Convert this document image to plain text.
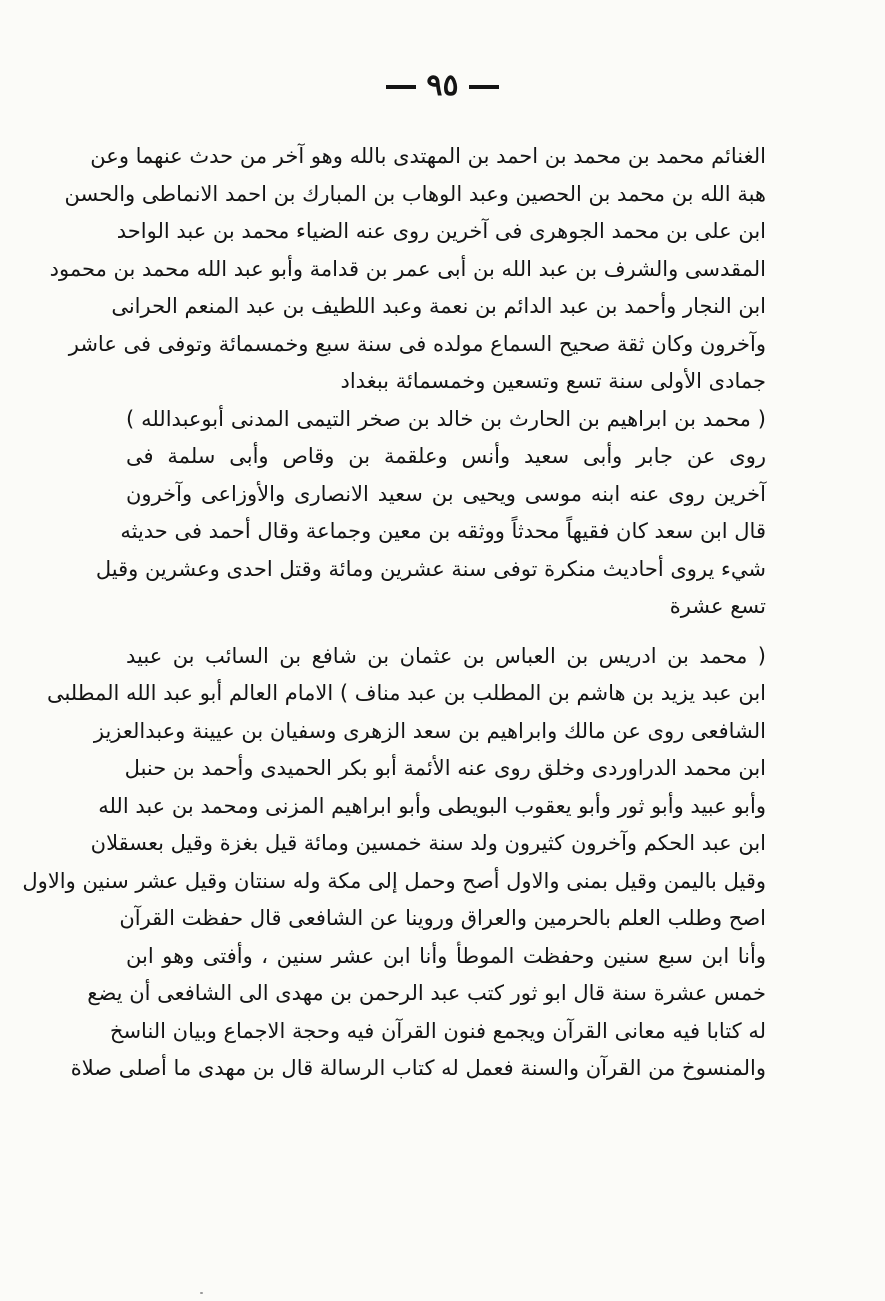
٩٥
الغنائم محمد بن محمد بن احمد بن المهتدى بالله وهو آخر من حدث عنهما وعن
هبة الله بن محمد بن الحصين وعبد الوهاب بن المبارك بن احمد الانماطى والحسن
ابن على بن محمد الجوهرى فى آخرين روى عنه الضياء محمد بن عبد الواحد
المقدسى والشرف بن عبد الله بن أبى عمر بن قدامة وأبو عبد الله محمد بن محمود
ابن النجار وأحمد بن عبد الدائم بن نعمة وعبد اللطيف بن عبد المنعم الحرانى
وآخرون وكان ثقة صحيح السماع مولده فى سنة سبع وخمسمائة وتوفى فى عاشر
جمادى الأولى سنة تسع وتسعين وخمسمائة ببغداد
( محمد بن ابراهيم بن الحارث بن خالد بن صخر التيمى المدنى أبوعبدالله )
روى عن جابر وأبى سعيد وأنس وعلقمة بن وقاص وأبى سلمة فى
آخرين روى عنه ابنه موسى ويحيى بن سعيد الانصارى والأوزاعى وآخرون
قال ابن سعد كان فقيهاً محدثاً ووثقه بن معين وجماعة وقال أحمد فى حديثه
شيء يروى أحاديث منكرة توفى سنة عشرين ومائة وقتل احدى وعشرين وقيل
تسع عشرة
( محمد بن ادريس بن العباس بن عثمان بن شافع بن السائب بن عبيد
ابن عبد يزيد بن هاشم بن المطلب بن عبد مناف ) الامام العالم أبو عبد الله المطلبى
الشافعى روى عن مالك وابراهيم بن سعد الزهرى وسفيان بن عيينة وعبدالعزيز
ابن محمد الدراوردى وخلق روى عنه الأئمة أبو بكر الحميدى وأحمد بن حنبل
وأبو عبيد وأبو ثور وأبو يعقوب البويطى وأبو ابراهيم المزنى ومحمد بن عبد الله
ابن عبد الحكم وآخرون كثيرون ولد سنة خمسين ومائة قيل بغزة وقيل بعسقلان
وقيل باليمن وقيل بمنى والاول أصح وحمل إلى مكة وله سنتان وقيل عشر سنين والاول
اصح وطلب العلم بالحرمين والعراق وروينا عن الشافعى قال حفظت القرآن
وأنا ابن سبع سنين وحفظت الموطأ وأنا ابن عشر سنين ، وأفتى وهو ابن
خمس عشرة سنة قال ابو ثور كتب عبد الرحمن بن مهدى الى الشافعى أن يضع
له كتابا فيه معانى القرآن ويجمع فنون القرآن فيه وحجة الاجماع وبيان الناسخ
والمنسوخ من القرآن والسنة فعمل له كتاب الرسالة قال بن مهدى ما أصلى صلاة
